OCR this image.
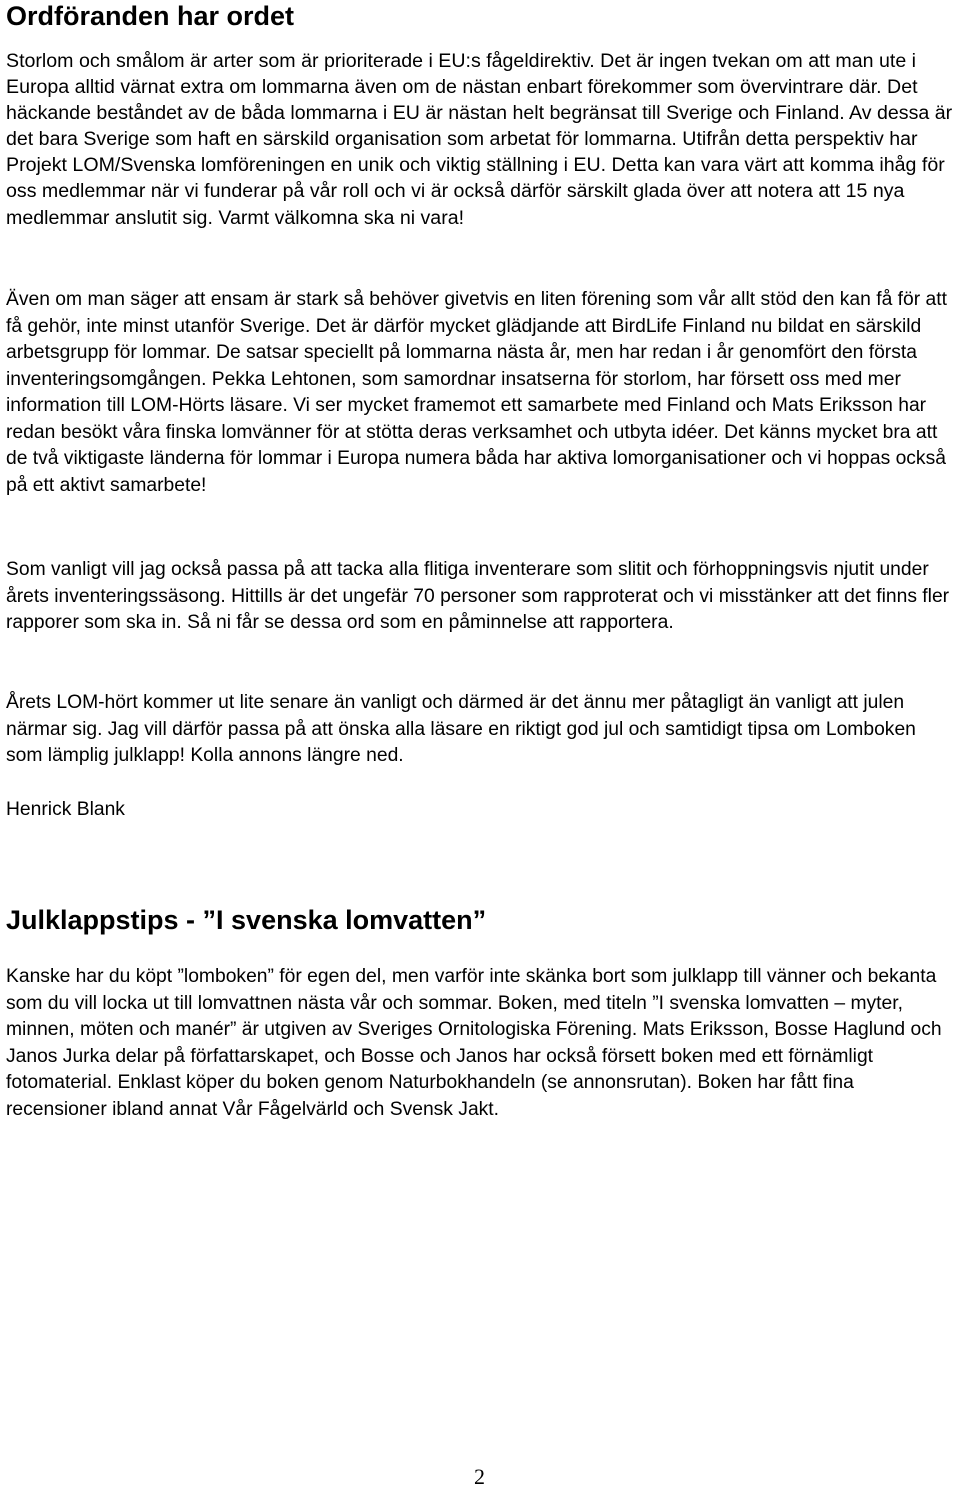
Ordföranden har ordet

Storlom och smålom är arter som är prioriterade i EU:s fågeldirektiv. Det är ingen tvekan om att man ute i Europa alltid värnat extra om lommarna även om de nästan enbart förekommer som övervintrare där. Det häckande beståndet av de båda lommarna i EU är nästan helt begränsat till Sverige och Finland. Av dessa är det bara Sverige som haft en särskild organisation som arbetat för lommarna. Utifrån detta perspektiv har Projekt LOM/Svenska lomföreningen en unik och viktig ställning i EU. Detta kan vara värt att komma ihåg för oss medlemmar när vi funderar på vår roll och vi är också därför särskilt glada över att notera att 15 nya medlemmar anslutit sig. Varmt välkomna ska ni vara!

Även om man säger att ensam är stark så behöver givetvis en liten förening som vår allt stöd den kan få för att få gehör, inte minst utanför Sverige. Det är därför mycket glädjande att BirdLife Finland nu bildat en särskild arbetsgrupp för lommar. De satsar speciellt på lommarna nästa år, men har redan i år genomfört den första inventeringsomgången. Pekka Lehtonen, som samordnar insatserna för storlom, har försett oss med mer information till LOM-Hörts läsare. Vi ser mycket framemot ett samarbete med Finland och Mats Eriksson har redan besökt våra finska lomvänner för at stötta deras verksamhet och utbyta idéer. Det känns mycket bra att de två viktigaste länderna för lommar i Europa numera båda har aktiva lomorganisationer och vi hoppas också på ett aktivt samarbete!

Som vanligt vill jag också passa på att tacka alla flitiga inventerare som slitit och förhoppningsvis njutit under årets inventeringssäsong. Hittills är det ungefär 70 personer som rapproterat och vi misstänker att det finns fler rapporer som ska in. Så ni får se dessa ord som en påminnelse att rapportera.

Årets LOM-hört kommer ut lite senare än vanligt och därmed är det ännu mer påtagligt än vanligt att julen närmar sig. Jag vill därför passa på att önska alla läsare en riktigt god jul och samtidigt tipsa om Lomboken som lämplig julklapp! Kolla annons längre ned.

Henrick Blank

Julklappstips - ”I svenska lomvatten”

Kanske har du köpt ”lomboken” för egen del, men varför inte skänka bort som julklapp till vänner och bekanta som du vill locka ut till lomvattnen nästa vår och sommar. Boken, med titeln ”I svenska lomvatten – myter, minnen, möten och manér” är utgiven av Sveriges Ornitologiska Förening. Mats Eriksson, Bosse Haglund och Janos Jurka delar på författarskapet, och Bosse och Janos har också försett boken med ett förnämligt fotomaterial. Enklast köper du boken genom Naturbokhandeln (se annonsrutan). Boken har fått fina recensioner ibland annat Vår Fågelvärld och Svensk Jakt.

2
